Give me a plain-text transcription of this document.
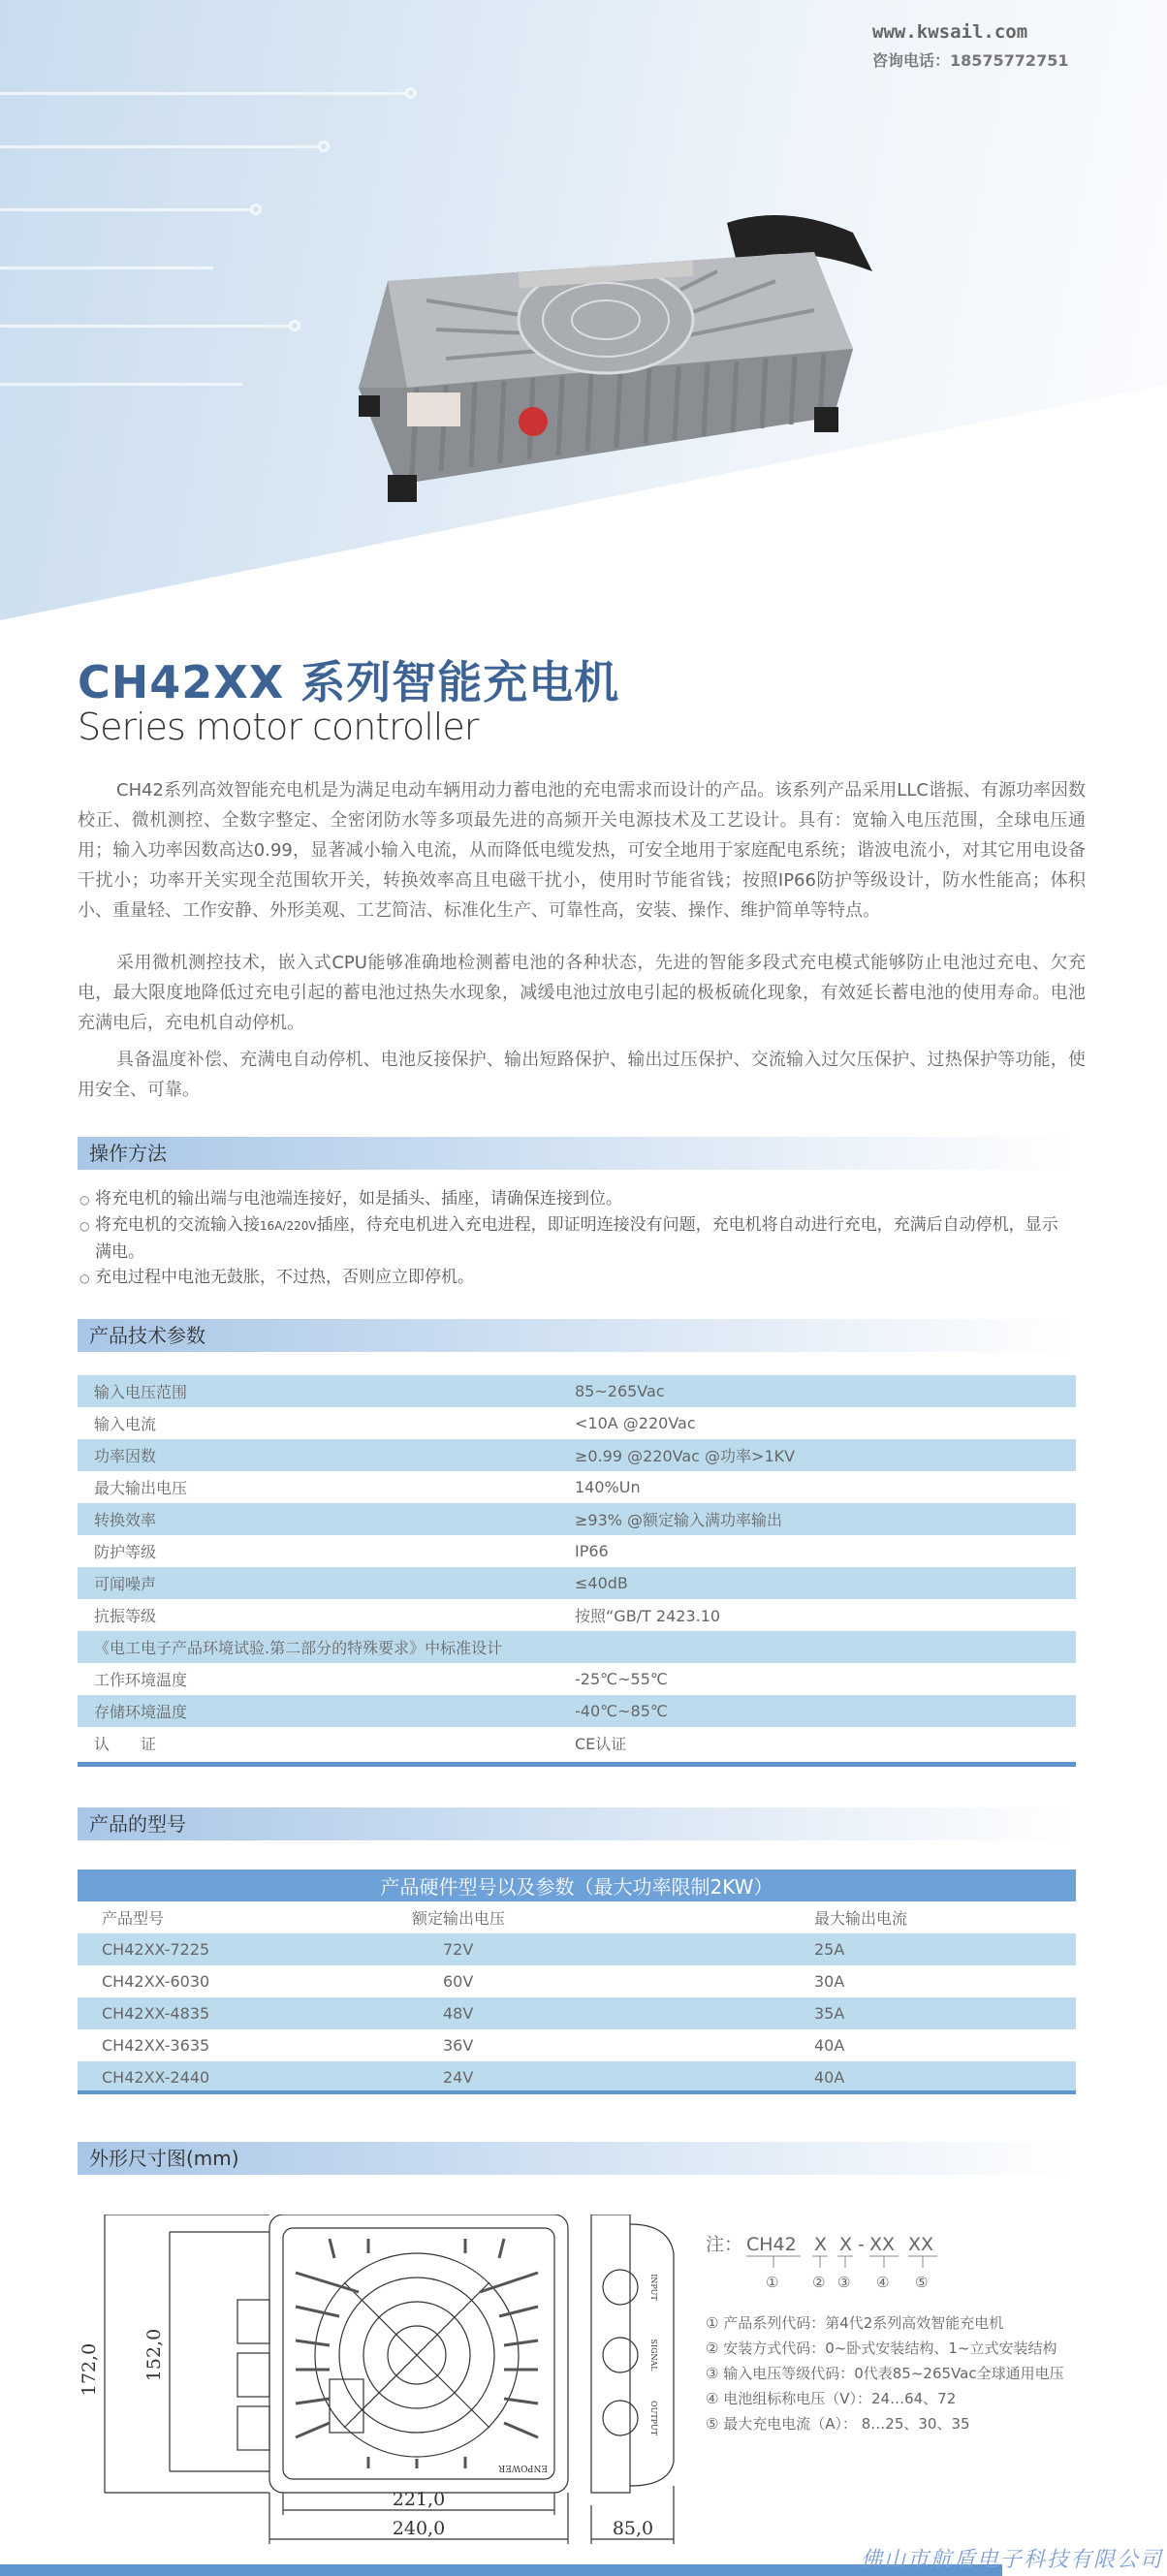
www.kwsail.com
咨询电话：18575772751
CH42XX 系列智能充电机
Series motor controller

CH42系列高效智能充电机是为满足电动车辆用动力蓄电池的充电需求而设计的产品。该系列产品采用LLC谐振、有源功率因数校正、微机测控、全数字整定、全密闭防水等多项最先进的高频开关电源技术及工艺设计。具有：宽输入电压范围，全球电压通用；输入功率因数高达0.99，显著减小输入电流，从而降低电缆发热，可安全地用于家庭配电系统；谐波电流小，对其它用电设备干扰小；功率开关实现全范围软开关，转换效率高且电磁干扰小，使用时节能省钱；按照IP66防护等级设计，防水性能高；体积小、重量轻、工作安静、外形美观、工艺简洁、标准化生产、可靠性高，安装、操作、维护简单等特点。

采用微机测控技术，嵌入式CPU能够准确地检测蓄电池的各种状态，先进的智能多段式充电模式能够防止电池过充电、欠充电，最大限度地降低过充电引起的蓄电池过热失水现象，减缓电池过放电引起的极板硫化现象，有效延长蓄电池的使用寿命。电池充满电后，充电机自动停机。

具备温度补偿、充满电自动停机、电池反接保护、输出短路保护、输出过压保护、交流输入过欠压保护、过热保护等功能，使用安全、可靠。

操作方法
○ 将充电机的输出端与电池端连接好，如是插头、插座，请确保连接到位。
○ 将充电机的交流输入接16A/220V插座，待充电机进入充电进程，即证明连接没有问题，充电机将自动进行充电，充满后自动停机，显示满电。
○ 充电过程中电池无鼓胀，不过热，否则应立即停机。
产品技术参数
输入电压范围	85~265Vac
输入电流	<10A @220Vac
功率因数	≥0.99 @220Vac @功率>1KV
最大输出电压	140%Un
转换效率	≥93% @额定输入满功率输出
防护等级	IP66
可闻噪声	≤40dB
抗振等级	按照“GB/T 2423.10
《电工电子产品环境试验.第二部分的特殊要求》中标准设计	
工作环境温度	-25℃~55℃
存储环境温度	-40℃~85℃
认　　证	CE认证
产品的型号
产品硬件型号以及参数（最大功率限制2KW）		
产品型号	额定输出电压	最大输出电流
CH42XX-7225	72V	25A
CH42XX-6030	60V	30A
CH42XX-4835	48V	35A
CH42XX-3635	36V	40A
CH42XX-2440	24V	40A
外形尺寸图(mm)
172,0 152,0
221,0
240,0	85,0
ENPOWER
INPUT
SIGNAL
OUTPUT
注： CH42 X X - XX XX
① ② ③ ④ ⑤
① 产品系列代码：第4代2系列高效智能充电机
② 安装方式代码：0~卧式安装结构、1~立式安装结构
③ 输入电压等级代码：0代表85~265Vac全球通用电压
④ 电池组标称电压（V）：24…64、72
⑤ 最大充电电流（A）： 8…25、30、35
佛山市航盾电子科技有限公司
